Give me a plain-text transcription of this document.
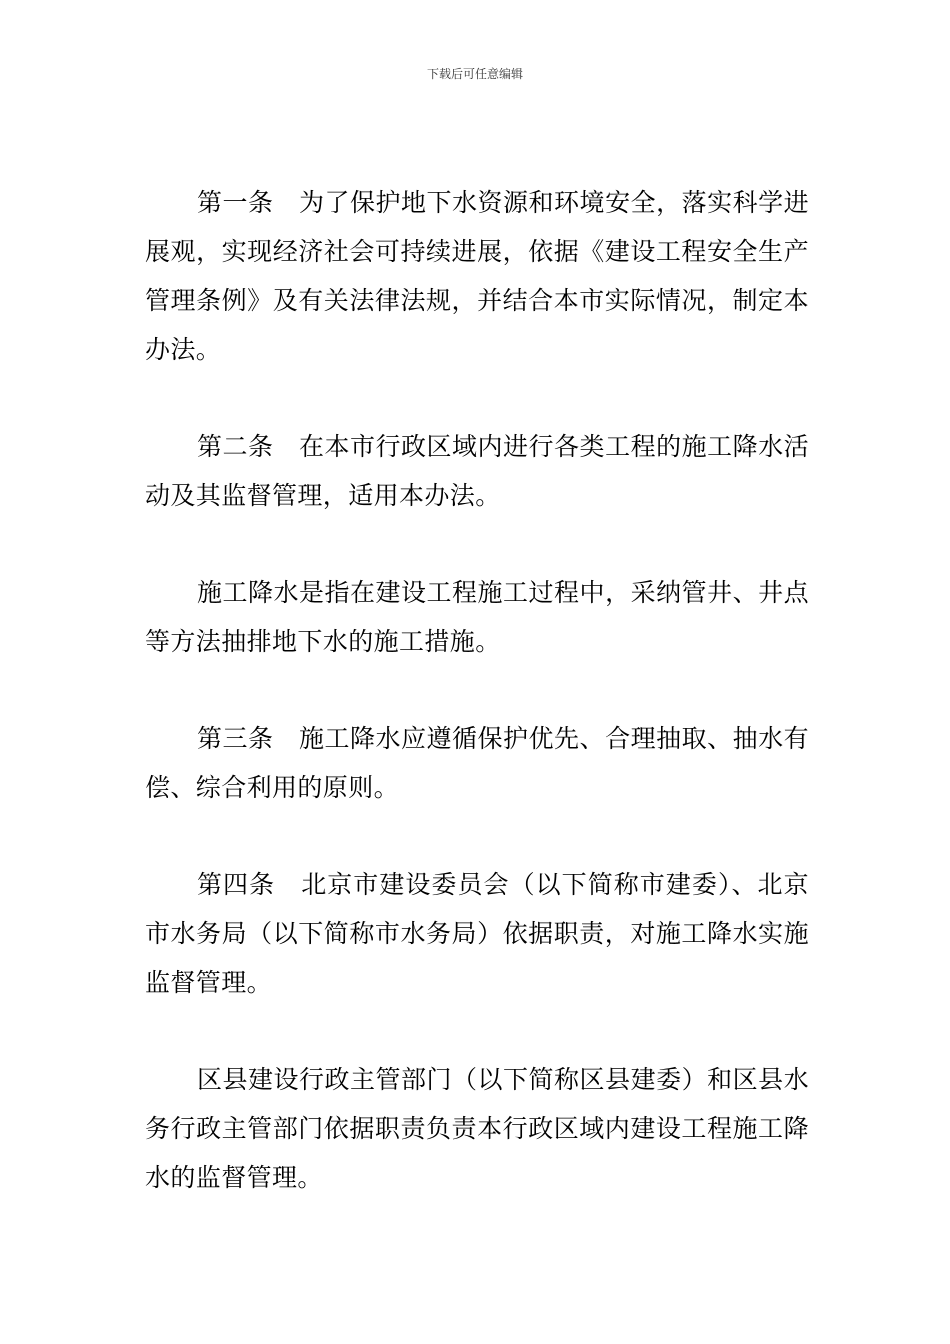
下载后可任意编辑

第一条　为了保护地下水资源和环境安全，落实科学进展观，实现经济社会可持续进展，依据《建设工程安全生产管理条例》及有关法律法规，并结合本市实际情况，制定本办法。

第二条　在本市行政区域内进行各类工程的施工降水活动及其监督管理，适用本办法。

施工降水是指在建设工程施工过程中，采纳管井、井点等方法抽排地下水的施工措施。

第三条　施工降水应遵循保护优先、合理抽取、抽水有偿、综合利用的原则。

第四条　北京市建设委员会（以下简称市建委）、北京市水务局（以下简称市水务局）依据职责，对施工降水实施监督管理。

区县建设行政主管部门（以下简称区县建委）和区县水务行政主管部门依据职责负责本行政区域内建设工程施工降水的监督管理。
